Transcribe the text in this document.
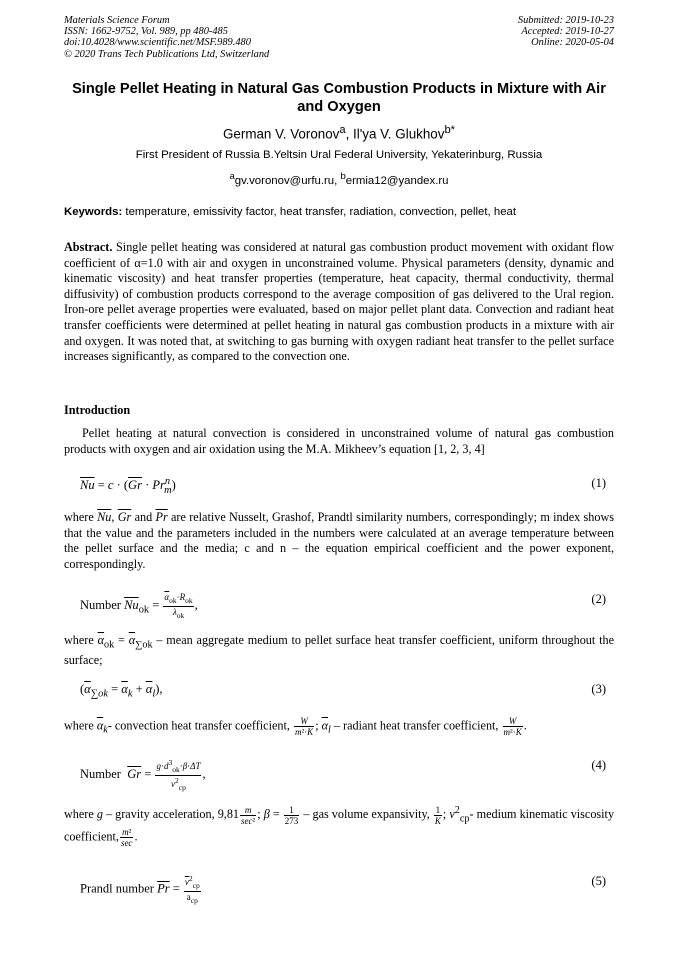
Materials Science Forum
ISSN: 1662-9752, Vol. 989, pp 480-485
doi:10.4028/www.scientific.net/MSF.989.480
© 2020 Trans Tech Publications Ltd, Switzerland
Submitted: 2019-10-23
Accepted: 2019-10-27
Online: 2020-05-04
Single Pellet Heating in Natural Gas Combustion Products in Mixture with Air and Oxygen
German V. Voronov$^a$, Il'ya V. Glukhov$^{b*}$
First President of Russia B.Yeltsin Ural Federal University, Yekaterinburg, Russia
$^a$gv.voronov@urfu.ru, $^b$ermia12@yandex.ru
Keywords: temperature, emissivity factor, heat transfer, radiation, convection, pellet, heat
Abstract. Single pellet heating was considered at natural gas combustion product movement with oxidant flow coefficient of α=1.0 with air and oxygen in unconstrained volume. Physical parameters (density, dynamic and kinematic viscosity) and heat transfer properties (temperature, heat capacity, thermal conductivity, thermal diffusivity) of combustion products correspond to the average composition of gas delivered to the Ural region. Iron-ore pellet average properties were evaluated, based on major pellet plant data. Convection and radiant heat transfer coefficients were determined at pellet heating in natural gas combustion products in a mixture with air and oxygen. It was noted that, at switching to gas burning with oxygen radiant heat transfer to the pellet surface increases significantly, as compared to the convection one.
Introduction
Pellet heating at natural convection is considered in unconstrained volume of natural gas combustion products with oxygen and air oxidation using the M.A. Mikheev’s equation [1, 2, 3, 4]
$\overline{Nu} = c \cdot (\overline{Gr} \cdot Pr^n_m)$	(1)
where $\overline{Nu}$, $\overline{Gr}$ and $\overline{Pr}$ are relative Nusselt, Grashof, Prandtl similarity numbers, correspondingly; m index shows that the value and the parameters included in the numbers were calculated at an average temperature between the pellet surface and the media; c and n – the equation empirical coefficient and the power exponent, correspondingly.
Number $\overline{Nu}_{ok} = \frac{\overline{\alpha}_{ok}\cdot R_{ok}}{\overline{\lambda}_{ok}}$ ,	(2)
where $\overline{\alpha}_{ok} = \overline{\alpha}_{\sum ok}$ – mean aggregate medium to pellet surface heat transfer coefficient, uniform throughout the surface;
$(\overline{\alpha}_{\sum ok} = \overline{\alpha}_k + \overline{\alpha}_l)$,	(3)
where $\overline{\alpha}_k-$ convection heat transfer coefficient, $\frac{W}{\text{m²·K}}$ ; $\overline{\alpha}_l$ – radiant heat transfer coefficient, $\frac{W}{\text{m²·K}}$ .
Number $\overline{Gr} = \frac{g\cdot d^3_{ok}\cdot\beta\cdot\Delta T}{v^2_{cp}}$ ,
(4)
where g – gravity acceleration, $9,81 \frac{m}{\text{sec²}}$ ; $\beta = \frac{1}{273}$ – gas volume expansivity, $\frac{1}{K}$ ; $v^2_{cp}-$ medium kinematic viscosity coefficient, $\frac{\text{m²}}{\sec}$ .
Prandl number $\overline{Pr} = \frac{\overline{v}^2_{cp}}{a_{cp}}$	(5)
